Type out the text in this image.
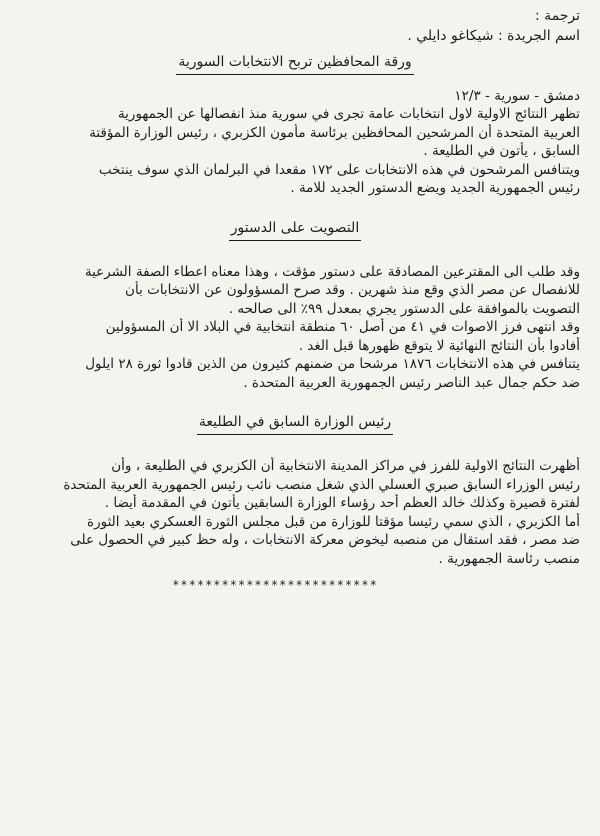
ترجمة :
اسم الجريدة : شيكاغو دايلي .
ورقة المحافظين تربح الانتخابات السورية
دمشق - سورية - ١٢/٣
تظهر النتائج الاولية لاول انتخابات عامة تجرى في سورية منذ انفصالها عن الجمهورية
العربية المتحدة أن المرشحين المحافظين برئاسة مأمون الكزبري ، رئيس الوزارة المؤقتة
السابق ، يأتون في الطليعة .
ويتنافس المرشحون في هذه الانتخابات على ١٧٢ مقعدا في البرلمان الذي سوف ينتخب
رئيس الجمهورية الجديد ويضع الدستور الجديد للامة .
التصويت على الدستور
وقد طلب الى المقترعين المصادقة على دستور مؤقت ، وهذا معناه اعطاء الصفة الشرعية
للانفصال عن مصر الذي وقع منذ شهرين . وقد صرح المسؤولون عن الانتخابات بأن
التصويت بالموافقة على الدستور يجري بمعدل ٩٩٪ الى صالحه .
وقد انتهى فرز الاصوات في ٤١ من أصل ٦٠ منطقة انتخابية في البلاد الا أن المسؤولين
أفادوا بأن النتائج النهائية لا يتوقع ظهورها قبل الغد .
يتنافس في هذه الانتخابات ١٨٧٦ مرشحا من ضمنهم كثيرون من الذين قادوا ثورة ٢٨ ايلول
ضد حكم جمال عبد الناصر رئيس الجمهورية العربية المتحدة .
رئيس الوزارة السابق في الطليعة
أظهرت النتائج الاولية للفرز في مراكز المدينة الانتخابية أن الكزبري في الطليعة ، وأن
رئيس الوزراء السابق صبري العسلي الذي شغل منصب نائب رئيس الجمهورية العربية المتحدة
لفترة قصيرة وكذلك خالد العظم أحد رؤساء الوزارة السابقين يأتون في المقدمة أيضا .
أما الكزبري ، الذي سمي رئيسا مؤقتا للوزارة من قبل مجلس الثورة العسكري بعيد الثورة
ضد مصر ، فقد استقال من منصبه ليخوض معركة الانتخابات ، وله حظ كبير في الحصول على
منصب رئاسة الجمهورية .
*************************
